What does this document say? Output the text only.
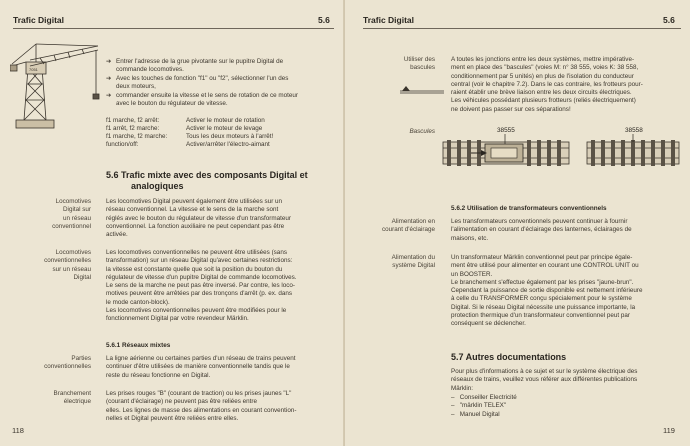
Trafic Digital	5.6
7051
➔ Entrer l'adresse de la grue pivotante sur le pupitre Digital de
commande locomotives.
➔ Avec les touches de fonction "f1" ou "f2", sélectionner l'un des
deux moteurs,
➔ commander ensuite la vitesse et le sens de rotation de ce moteur
avec le bouton du régulateur de vitesse.
f1 marche, f2 arrêt:	Activer le moteur de rotation
f1 arrêt, f2 marche:	Activer le moteur de levage
f1 marche, f2 marche:	Tous les deux moteurs à l'arrêt!
function/off:	Activer/arrêter l'électro-aimant
5.6 Trafic mixte avec des composants Digital et
analogiques
Locomotives
Digital sur
un réseau
conventionnel
Les locomotives Digital peuvent également être utilisées sur un
réseau conventionnel. La vitesse et le sens de la marche sont
réglés avec le bouton du régulateur de vitesse d'un transformateur
conventionnel. La fonction auxiliaire ne peut cependant pas être
activée.
Locomotives
conventionnelles
sur un réseau
Digital
Les locomotives conventionnelles ne peuvent être utilisées (sans
transformation) sur un réseau Digital qu'avec certaines restrictions:
la vitesse est constante quelle que soit la position du bouton du
régulateur de vitesse d'un pupitre Digital de commande locomotives.
Le sens de la marche ne peut pas être inversé. Par contre, les loco-
motives peuvent être arrêtées par des tronçons d'arrêt (p. ex. dans
le mode canton-block).
Les locomotives conventionnelles peuvent être modifiées pour le
fonctionnement Digital par votre revendeur Märklin.
5.6.1 Réseaux mixtes
Parties
conventionnelles
La ligne aérienne ou certaines parties d'un réseau de trains peuvent
continuer d'être utilisées de manière conventionnelle tandis que le
reste du réseau fonctionne en Digital.
Branchement
électrique
Les prises rouges "B" (courant de traction) ou les prises jaunes "L"
(courant d'éclairage) ne peuvent pas être reliées entre
elles. Les lignes de masse des alimentations en courant convention-
nelles et Digital peuvent être reliées entre elles.
118
Trafic Digital	5.6
Utiliser des
bascules
A toutes les jonctions entre les deux systèmes, mettre impérative-
ment en place des "bascules" (voies M: n° 38 555, voies K: 38 558,
conditionnement par 5 unités) en plus de l'isolation du conducteur
central (voir le chapitre 7.2). Dans le cas contraire, les frotteurs pour-
raient établir une brève liaison entre les deux circuits électriques.
Les véhicules possédant plusieurs frotteurs (reliés électriquement)
ne doivent pas passer sur ces séparations!
Bascules	38555	38558
5.6.2 Utilisation de transformateurs conventionnels
Alimentation en
courant d'éclairage
Les transformateurs conventionnels peuvent continuer à fournir
l'alimentation en courant d'éclairage des lanternes, éclairages de
maisons, etc.
Alimentation du
système Digital
Un transformateur Märklin conventionnel peut par principe égale-
ment être utilisé pour alimenter en courant une CONTROL UNIT ou
un BOOSTER.
Le branchement s'effectue également par les prises "jaune-brun".
Cependant la puissance de sortie disponible est nettement inférieure
à celle du TRANSFORMER conçu spécialement pour le système
Digital. Si le réseau Digital nécessite une puissance importante, la
protection thermique d'un transformateur conventionnel peut par
conséquent se déclencher.
5.7 Autres documentations
Pour plus d'informations à ce sujet et sur le système électrique des
réseaux de trains, veuillez vous référer aux différentes publications
Märklin:
–   Conseiller Electricité
–   "märklin TELEX"
–   Manuel Digital
119
